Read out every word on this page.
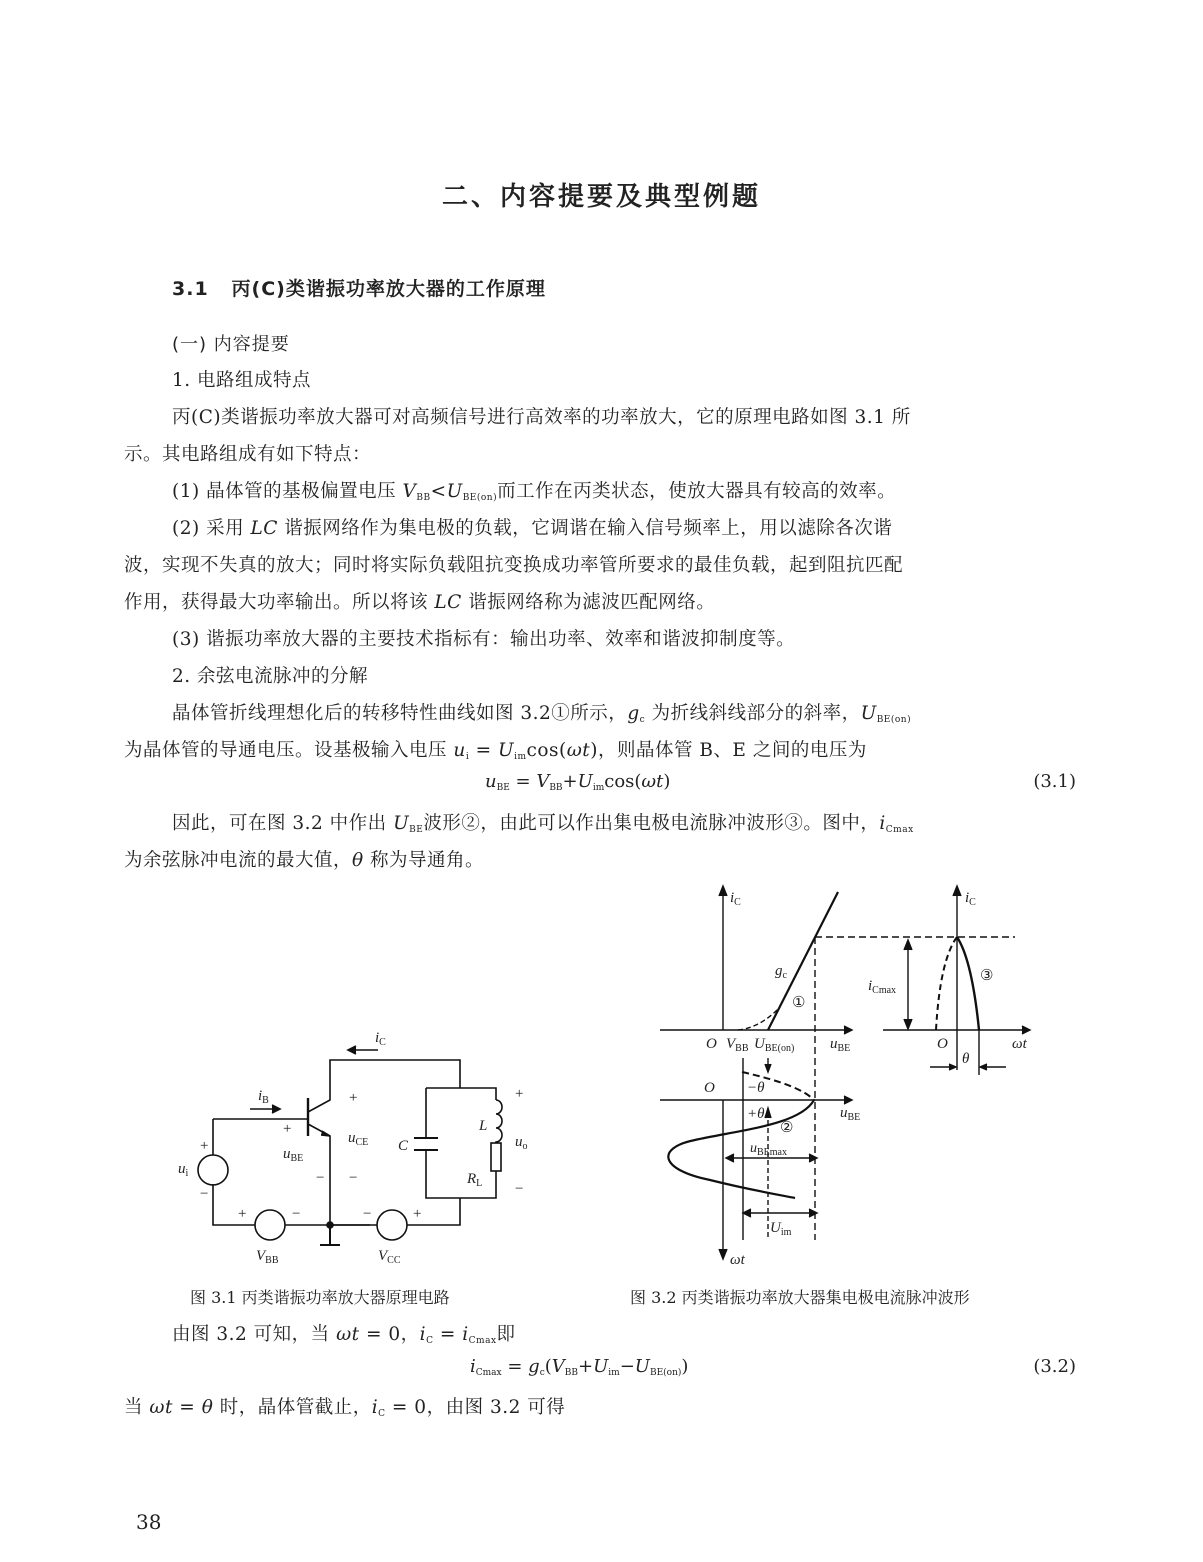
二、内容提要及典型例题
3.1 丙(C)类谐振功率放大器的工作原理
(一) 内容提要
1. 电路组成特点
丙(C)类谐振功率放大器可对高频信号进行高效率的功率放大，它的原理电路如图 3.1 所
示。其电路组成有如下特点：
(1) 晶体管的基极偏置电压 $V_{BB}<U_{BE(on)}$而工作在丙类状态，使放大器具有较高的效率。
(2) 采用 LC 谐振网络作为集电极的负载，它调谐在输入信号频率上，用以滤除各次谐
波，实现不失真的放大；同时将实际负载阻抗变换成功率管所要求的最佳负载，起到阻抗匹配
作用，获得最大功率输出。所以将该 LC 谐振网络称为滤波匹配网络。
(3) 谐振功率放大器的主要技术指标有：输出功率、效率和谐波抑制度等。
2. 余弦电流脉冲的分解
晶体管折线理想化后的转移特性曲线如图 3.2①所示，$g_c$ 为折线斜线部分的斜率，$U_{BE(on)}$
为晶体管的导通电压。设基极输入电压 $u_i = U_{im}\cos(\omega t)$，则晶体管 B、E 之间的电压为
$u_{BE} = V_{BB}+U_{im}\cos(\omega t)$	(3.1)
因此，可在图 3.2 中作出 $U_{BE}$波形②，由此可以作出集电极电流脉冲波形③。图中，$i_{Cmax}$
为余弦脉冲电流的最大值，θ 称为导通角。
$i_C$
$i_B$
+
−
$u_i$
+
$u_{BE}$
−
+
$u_{CE}$
−
C
L
$R_L$
+
$u_o$
−
+	−
$V_{BB}$
−	+
$V_{CC}$
$i_C$
$g_c$
①
O $V_{BB}$ $U_{BE(on)}$ $u_{BE}$
$i_C$
$i_{Cmax}$
③
O	ωt
θ
O −θ
+θ	$u_{BE}$
②
$u_{BEmax}$
$U_{im}$
ωt
图 3.1 丙类谐振功率放大器原理电路	图 3.2 丙类谐振功率放大器集电极电流脉冲波形
由图 3.2 可知，当 ωt = 0，$i_C = i_{Cmax}$即
$i_{Cmax} = g_c(V_{BB}+U_{im}-U_{BE(on)})$	(3.2)
当 ωt = θ 时，晶体管截止，$i_C = 0$，由图 3.2 可得
38
